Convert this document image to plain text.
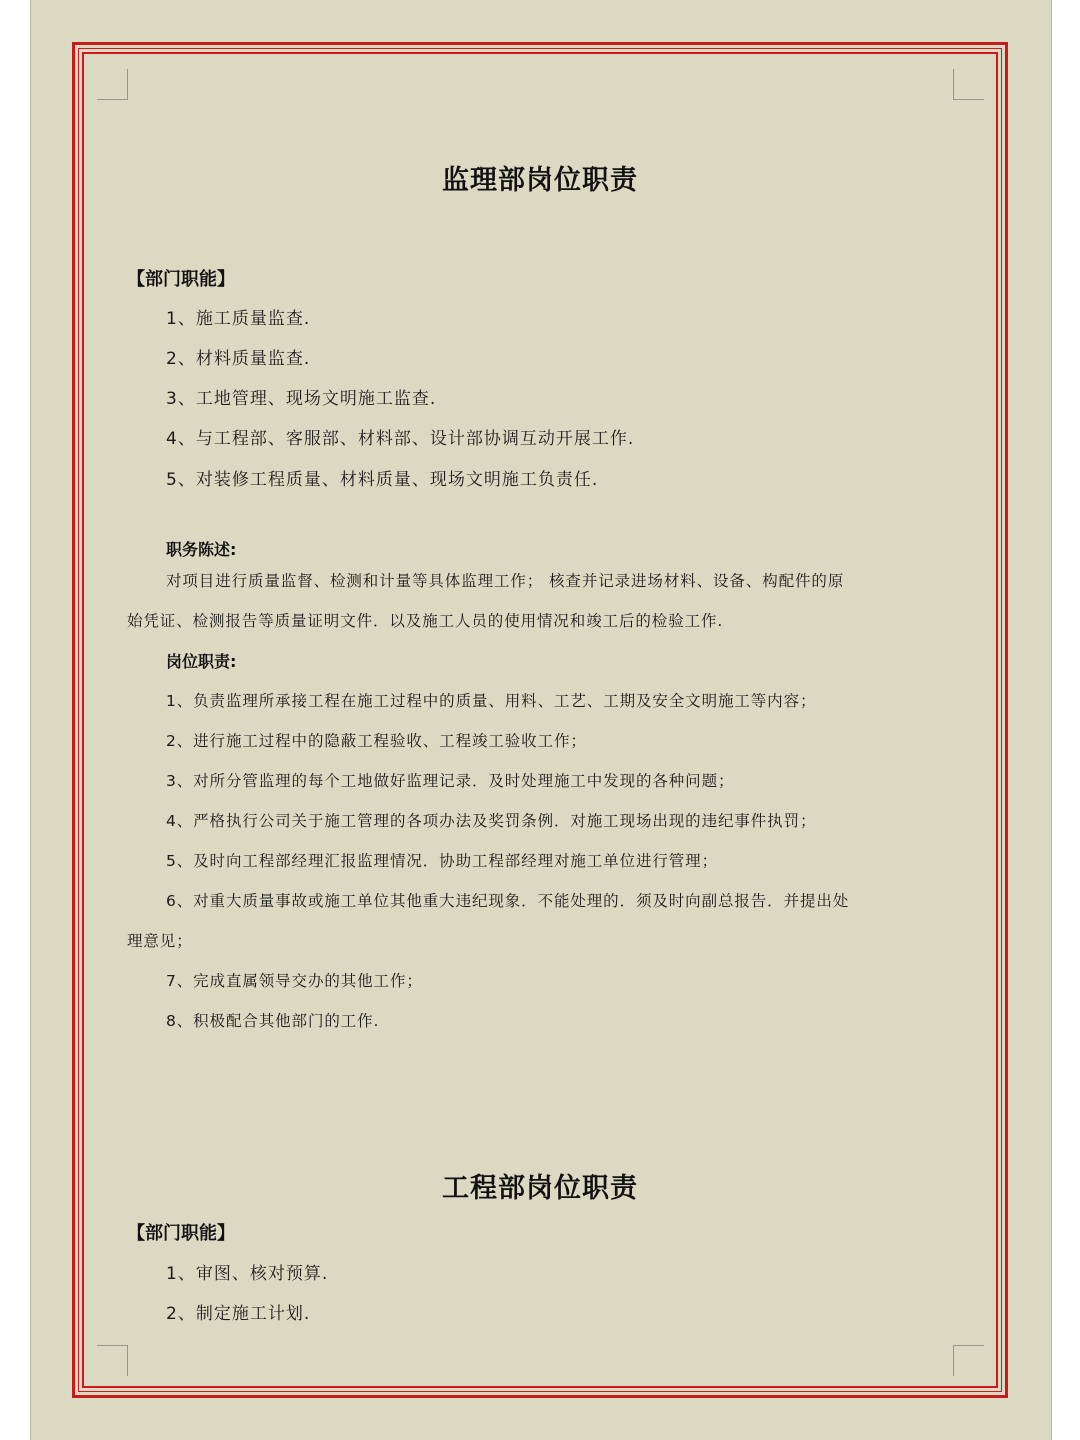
监理部岗位职责
【部门职能】
1、施工质量监查.
2、材料质量监查.
3、工地管理、现场文明施工监查.
4、与工程部、客服部、材料部、设计部协调互动开展工作.
5、对装修工程质量、材料质量、现场文明施工负责任.
职务陈述:
对项目进行质量监督、检测和计量等具体监理工作； 核查并记录进场材料、设备、构配件的原
始凭证、检测报告等质量证明文件．以及施工人员的使用情况和竣工后的检验工作.
岗位职责:
1、负责监理所承接工程在施工过程中的质量、用料、工艺、工期及安全文明施工等内容；
2、进行施工过程中的隐蔽工程验收、工程竣工验收工作；
3、对所分管监理的每个工地做好监理记录．及时处理施工中发现的各种问题；
4、严格执行公司关于施工管理的各项办法及奖罚条例．对施工现场出现的违纪事件执罚；
5、及时向工程部经理汇报监理情况．协助工程部经理对施工单位进行管理；
6、对重大质量事故或施工单位其他重大违纪现象．不能处理的．须及时向副总报告．并提出处
理意见；
7、完成直属领导交办的其他工作；
8、积极配合其他部门的工作.
工程部岗位职责
【部门职能】
1、审图、核对预算.
2、制定施工计划.
